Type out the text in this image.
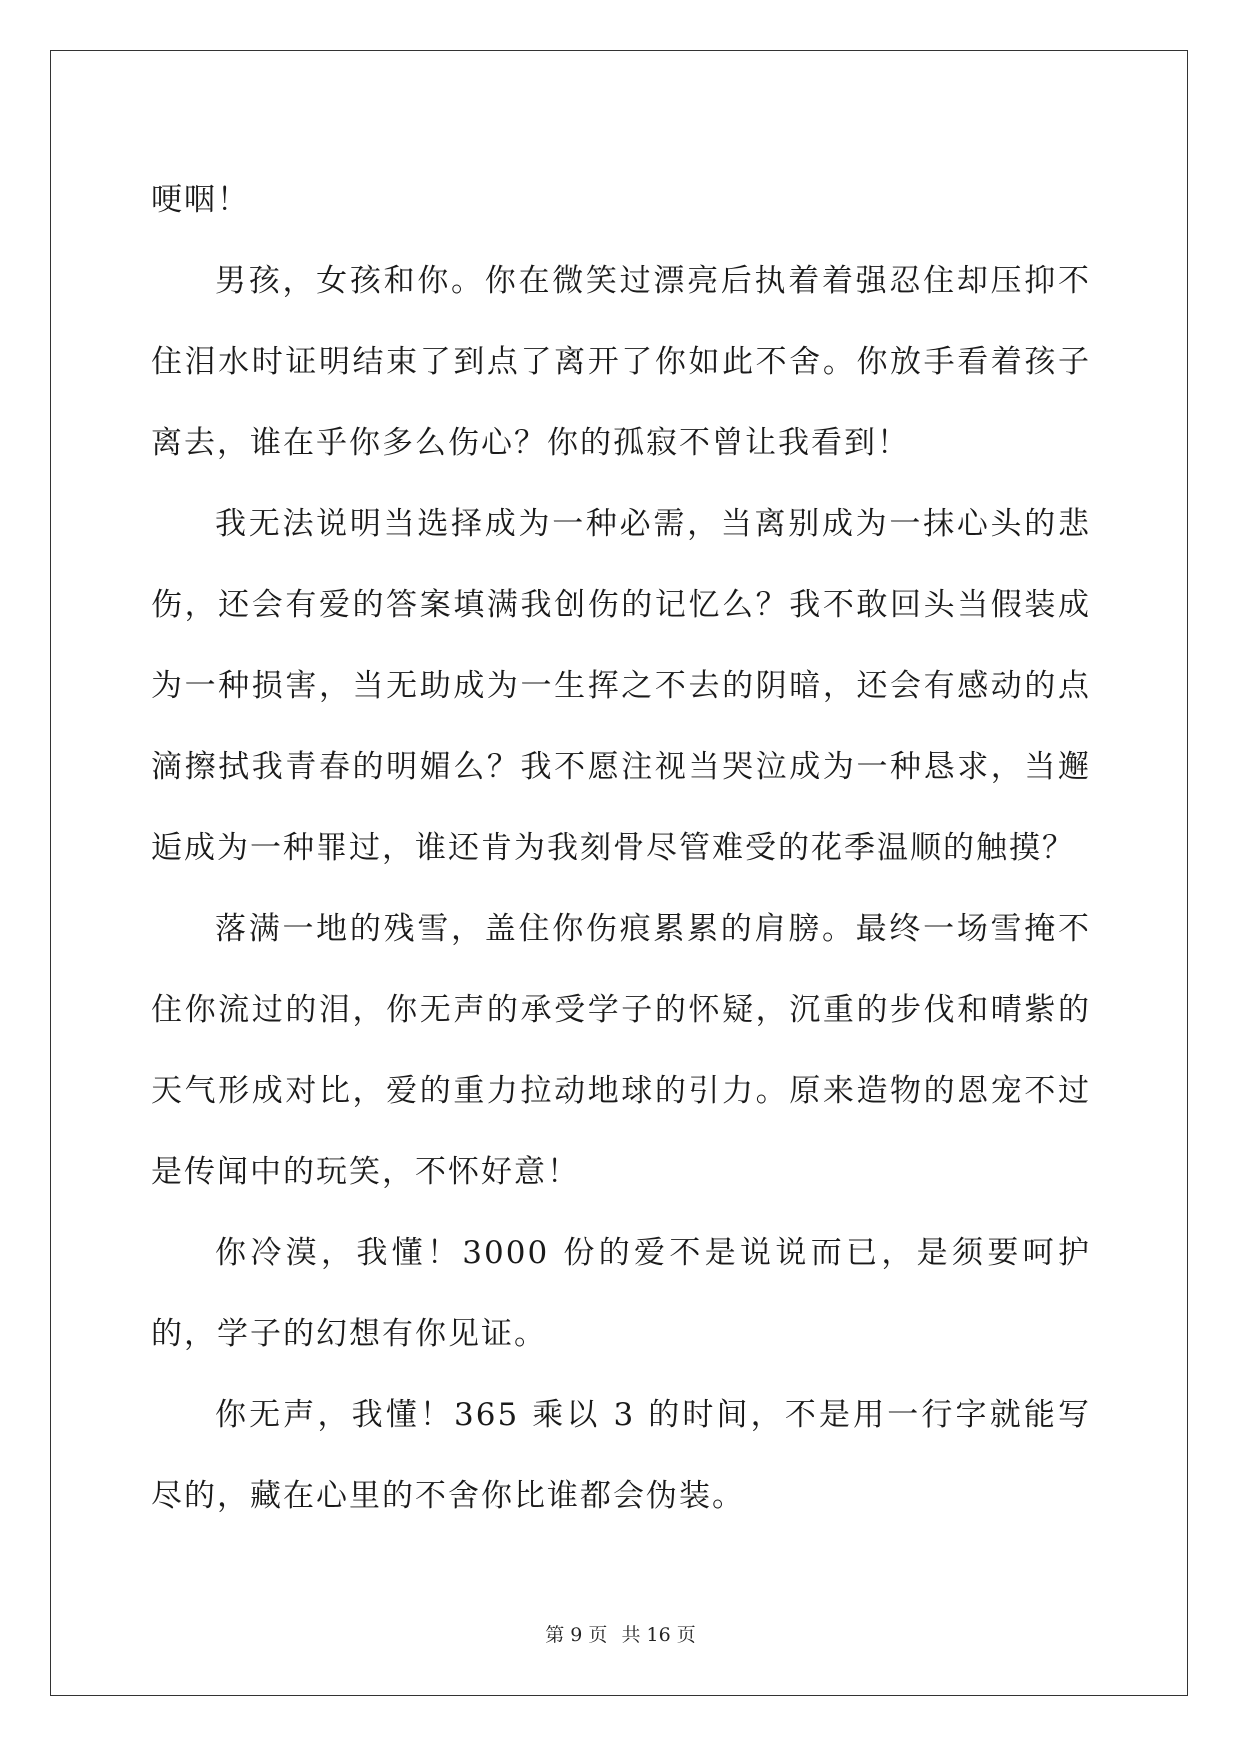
哽咽！

男孩，女孩和你。你在微笑过漂亮后执着着强忍住却压抑不住泪水时证明结束了到点了离开了你如此不舍。你放手看着孩子离去，谁在乎你多么伤心？你的孤寂不曾让我看到！

我无法说明当选择成为一种必需，当离别成为一抹心头的悲伤，还会有爱的答案填满我创伤的记忆么？我不敢回头当假装成为一种损害，当无助成为一生挥之不去的阴暗，还会有感动的点滴擦拭我青春的明媚么？我不愿注视当哭泣成为一种恳求，当邂逅成为一种罪过，谁还肯为我刻骨尽管难受的花季温顺的触摸？

落满一地的残雪，盖住你伤痕累累的肩膀。最终一场雪掩不住你流过的泪，你无声的承受学子的怀疑，沉重的步伐和晴紫的天气形成对比，爱的重力拉动地球的引力。原来造物的恩宠不过是传闻中的玩笑，不怀好意！

你冷漠，我懂！3000 份的爱不是说说而已，是须要呵护的，学子的幻想有你见证。

你无声，我懂！365 乘以 3 的时间，不是用一行字就能写尽的，藏在心里的不舍你比谁都会伪装。

第 9 页 共 16 页
